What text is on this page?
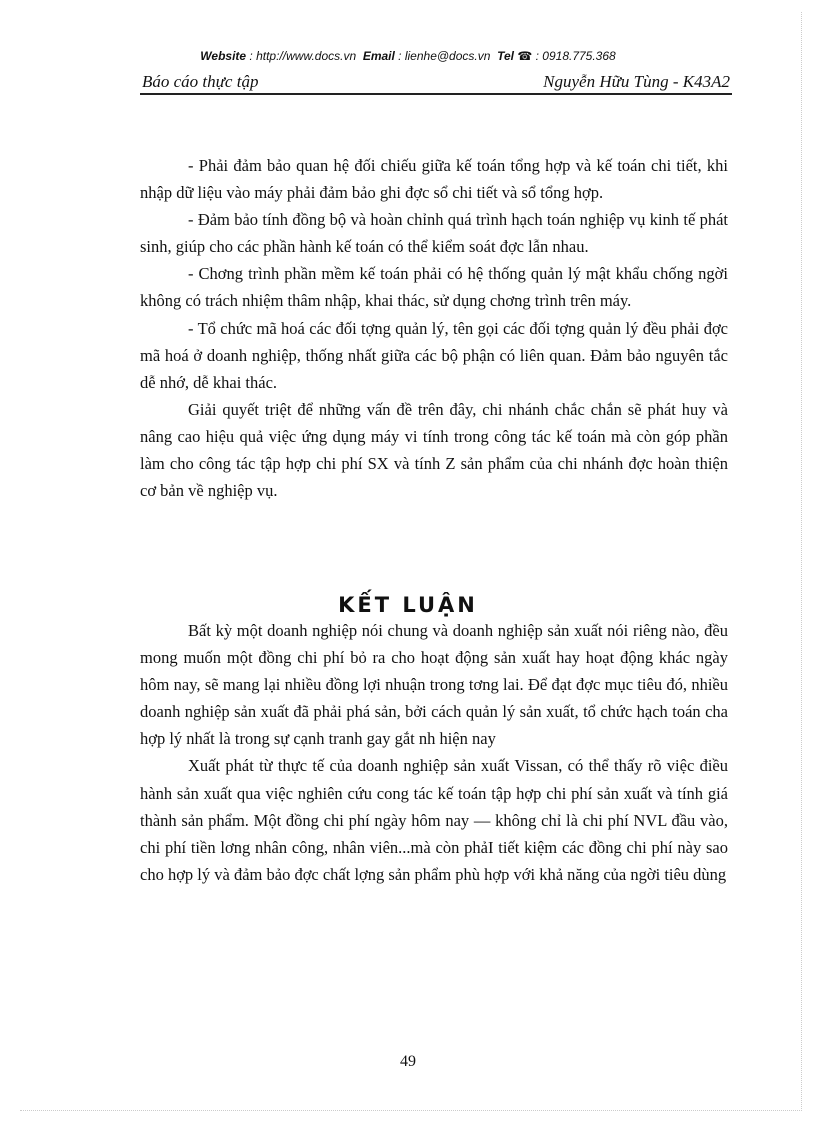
Website : http://www.docs.vn Email : lienhe@docs.vn Tel ☎ : 0918.775.368
Báo cáo thực tập	Nguyễn Hữu Tùng - K43A2

- Phải đảm bảo quan hệ đối chiếu giữa kế toán tổng hợp và kế toán chi tiết, khi nhập dữ liệu vào máy phải đảm bảo ghi đợc sổ chi tiết và sổ tổng hợp.

- Đảm bảo tính đồng bộ và hoàn chỉnh quá trình hạch toán nghiệp vụ kinh tế phát sinh, giúp cho các phần hành kế toán có thể kiểm soát đợc lẫn nhau.

- Chơng trình phần mềm kế toán phải có hệ thống quản lý mật khẩu chống ngời không có trách nhiệm thâm nhập, khai thác, sử dụng chơng trình trên máy.

- Tổ chức mã hoá các đối tợng quản lý, tên gọi các đối tợng quản lý đều phải đợc mã hoá ở doanh nghiệp, thống nhất giữa các bộ phận có liên quan. Đảm bảo nguyên tắc dễ nhớ, dễ khai thác.

Giải quyết triệt để những vấn đề trên đây, chi nhánh chắc chắn sẽ phát huy và nâng cao hiệu quả việc ứng dụng máy vi tính trong công tác kế toán mà còn góp phần làm cho công tác tập hợp chi phí SX và tính Z sản phẩm của chi nhánh đợc hoàn thiện cơ bản về nghiệp vụ.

KẾT LUẬN

Bất kỳ một doanh nghiệp nói chung và doanh nghiệp sản xuất nói riêng nào, đều mong muốn một đồng chi phí bỏ ra cho hoạt động sản xuất hay hoạt động khác ngày hôm nay, sẽ mang lại nhiều đồng lợi nhuận trong tơng lai. Để đạt đợc mục tiêu đó, nhiều doanh nghiệp sản xuất đã phải phá sản, bởi cách quản lý sản xuất, tổ chức hạch toán cha hợp lý nhất là trong sự cạnh tranh gay gắt nh hiện nay

Xuất phát từ thực tế của doanh nghiệp sản xuất Vissan, có thể thấy rõ việc điều hành sản xuất qua việc nghiên cứu cong tác kế toán tập hợp chi phí sản xuất và tính giá thành sản phẩm. Một đồng chi phí ngày hôm nay — không chỉ là chi phí NVL đầu vào, chi phí tiền lơng nhân công, nhân viên...mà còn phảI tiết kiệm các đồng chi phí này sao cho hợp lý và đảm bảo đợc chất lợng sản phẩm phù hợp với khả năng của ngời tiêu dùng

49
